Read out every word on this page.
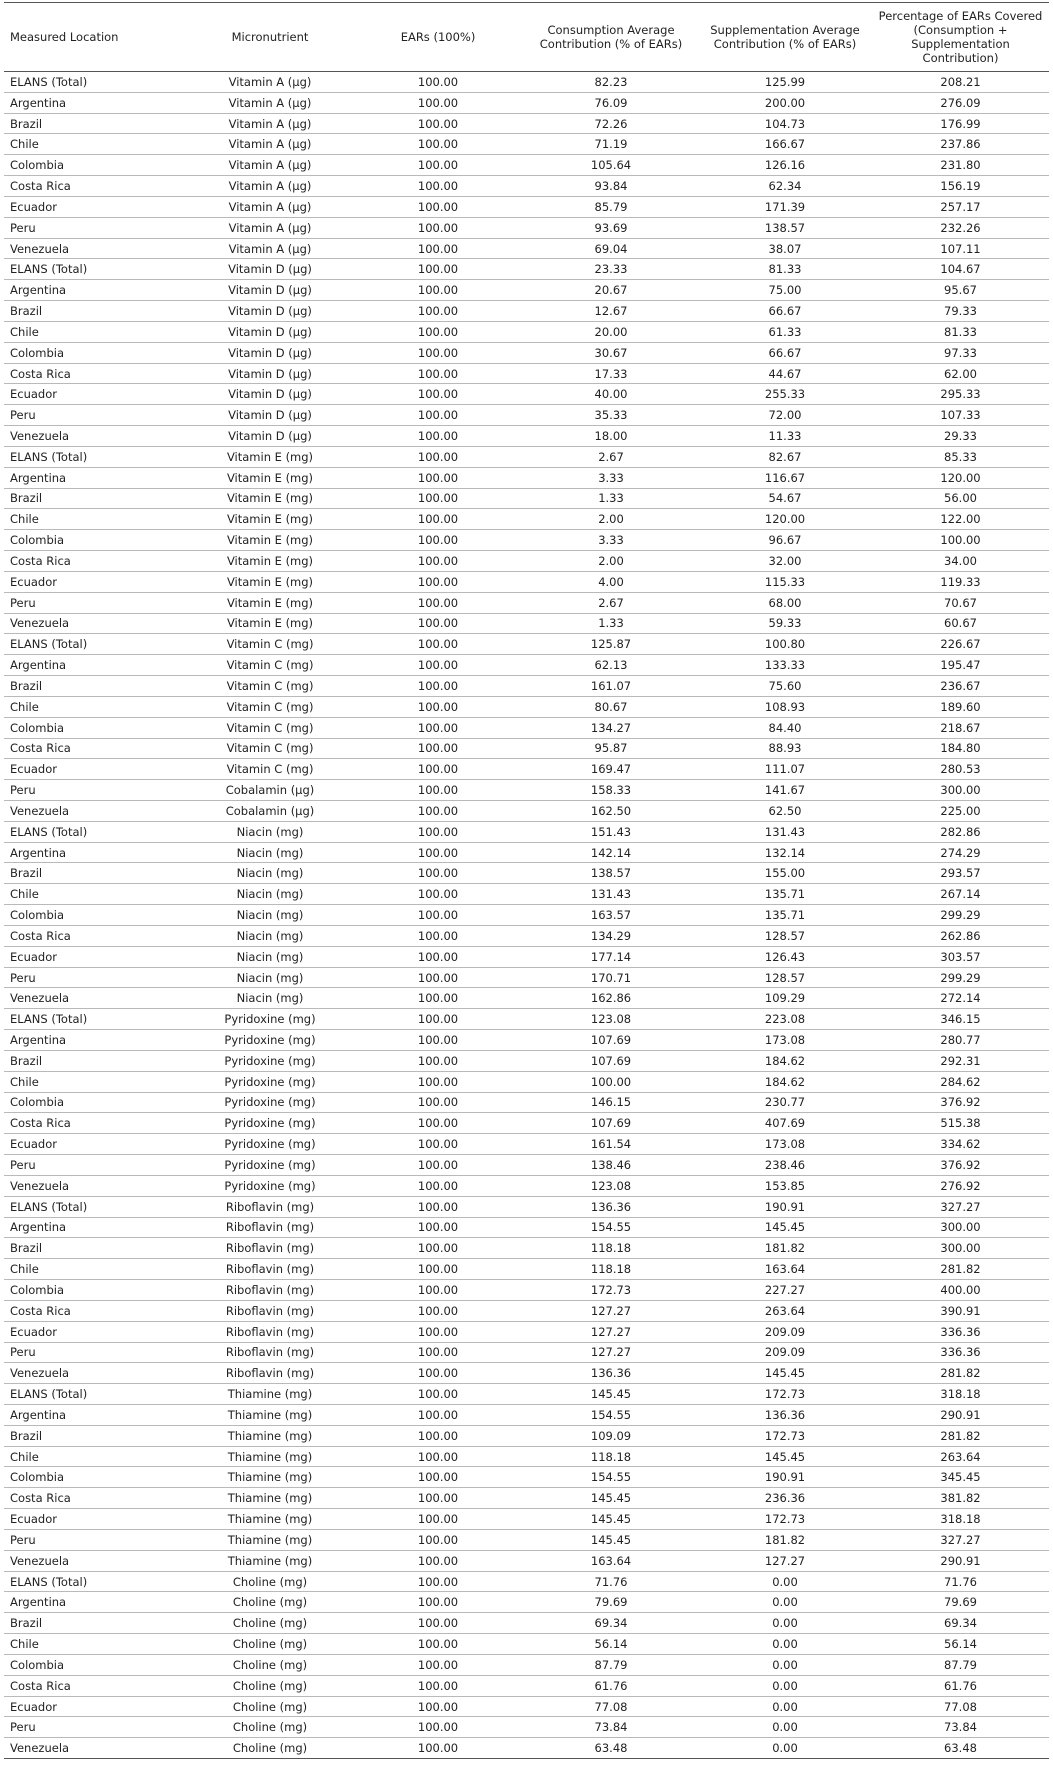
Measured Location	Micronutrient	EARs (100%)	Consumption Average Contribution (% of EARs)	Supplementation Average Contribution (% of EARs)	Percentage of EARs Covered (Consumption + Supplementation Contribution)
ELANS (Total)	Vitamin A (µg)	100.00	82.23	125.99	208.21
Argentina	Vitamin A (µg)	100.00	76.09	200.00	276.09
Brazil	Vitamin A (µg)	100.00	72.26	104.73	176.99
Chile	Vitamin A (µg)	100.00	71.19	166.67	237.86
Colombia	Vitamin A (µg)	100.00	105.64	126.16	231.80
Costa Rica	Vitamin A (µg)	100.00	93.84	62.34	156.19
Ecuador	Vitamin A (µg)	100.00	85.79	171.39	257.17
Peru	Vitamin A (µg)	100.00	93.69	138.57	232.26
Venezuela	Vitamin A (µg)	100.00	69.04	38.07	107.11
ELANS (Total)	Vitamin D (µg)	100.00	23.33	81.33	104.67
Argentina	Vitamin D (µg)	100.00	20.67	75.00	95.67
Brazil	Vitamin D (µg)	100.00	12.67	66.67	79.33
Chile	Vitamin D (µg)	100.00	20.00	61.33	81.33
Colombia	Vitamin D (µg)	100.00	30.67	66.67	97.33
Costa Rica	Vitamin D (µg)	100.00	17.33	44.67	62.00
Ecuador	Vitamin D (µg)	100.00	40.00	255.33	295.33
Peru	Vitamin D (µg)	100.00	35.33	72.00	107.33
Venezuela	Vitamin D (µg)	100.00	18.00	11.33	29.33
ELANS (Total)	Vitamin E (mg)	100.00	2.67	82.67	85.33
Argentina	Vitamin E (mg)	100.00	3.33	116.67	120.00
Brazil	Vitamin E (mg)	100.00	1.33	54.67	56.00
Chile	Vitamin E (mg)	100.00	2.00	120.00	122.00
Colombia	Vitamin E (mg)	100.00	3.33	96.67	100.00
Costa Rica	Vitamin E (mg)	100.00	2.00	32.00	34.00
Ecuador	Vitamin E (mg)	100.00	4.00	115.33	119.33
Peru	Vitamin E (mg)	100.00	2.67	68.00	70.67
Venezuela	Vitamin E (mg)	100.00	1.33	59.33	60.67
ELANS (Total)	Vitamin C (mg)	100.00	125.87	100.80	226.67
Argentina	Vitamin C (mg)	100.00	62.13	133.33	195.47
Brazil	Vitamin C (mg)	100.00	161.07	75.60	236.67
Chile	Vitamin C (mg)	100.00	80.67	108.93	189.60
Colombia	Vitamin C (mg)	100.00	134.27	84.40	218.67
Costa Rica	Vitamin C (mg)	100.00	95.87	88.93	184.80
Ecuador	Vitamin C (mg)	100.00	169.47	111.07	280.53
Peru	Cobalamin (µg)	100.00	158.33	141.67	300.00
Venezuela	Cobalamin (µg)	100.00	162.50	62.50	225.00
ELANS (Total)	Niacin (mg)	100.00	151.43	131.43	282.86
Argentina	Niacin (mg)	100.00	142.14	132.14	274.29
Brazil	Niacin (mg)	100.00	138.57	155.00	293.57
Chile	Niacin (mg)	100.00	131.43	135.71	267.14
Colombia	Niacin (mg)	100.00	163.57	135.71	299.29
Costa Rica	Niacin (mg)	100.00	134.29	128.57	262.86
Ecuador	Niacin (mg)	100.00	177.14	126.43	303.57
Peru	Niacin (mg)	100.00	170.71	128.57	299.29
Venezuela	Niacin (mg)	100.00	162.86	109.29	272.14
ELANS (Total)	Pyridoxine (mg)	100.00	123.08	223.08	346.15
Argentina	Pyridoxine (mg)	100.00	107.69	173.08	280.77
Brazil	Pyridoxine (mg)	100.00	107.69	184.62	292.31
Chile	Pyridoxine (mg)	100.00	100.00	184.62	284.62
Colombia	Pyridoxine (mg)	100.00	146.15	230.77	376.92
Costa Rica	Pyridoxine (mg)	100.00	107.69	407.69	515.38
Ecuador	Pyridoxine (mg)	100.00	161.54	173.08	334.62
Peru	Pyridoxine (mg)	100.00	138.46	238.46	376.92
Venezuela	Pyridoxine (mg)	100.00	123.08	153.85	276.92
ELANS (Total)	Riboflavin (mg)	100.00	136.36	190.91	327.27
Argentina	Riboflavin (mg)	100.00	154.55	145.45	300.00
Brazil	Riboflavin (mg)	100.00	118.18	181.82	300.00
Chile	Riboflavin (mg)	100.00	118.18	163.64	281.82
Colombia	Riboflavin (mg)	100.00	172.73	227.27	400.00
Costa Rica	Riboflavin (mg)	100.00	127.27	263.64	390.91
Ecuador	Riboflavin (mg)	100.00	127.27	209.09	336.36
Peru	Riboflavin (mg)	100.00	127.27	209.09	336.36
Venezuela	Riboflavin (mg)	100.00	136.36	145.45	281.82
ELANS (Total)	Thiamine (mg)	100.00	145.45	172.73	318.18
Argentina	Thiamine (mg)	100.00	154.55	136.36	290.91
Brazil	Thiamine (mg)	100.00	109.09	172.73	281.82
Chile	Thiamine (mg)	100.00	118.18	145.45	263.64
Colombia	Thiamine (mg)	100.00	154.55	190.91	345.45
Costa Rica	Thiamine (mg)	100.00	145.45	236.36	381.82
Ecuador	Thiamine (mg)	100.00	145.45	172.73	318.18
Peru	Thiamine (mg)	100.00	145.45	181.82	327.27
Venezuela	Thiamine (mg)	100.00	163.64	127.27	290.91
ELANS (Total)	Choline (mg)	100.00	71.76	0.00	71.76
Argentina	Choline (mg)	100.00	79.69	0.00	79.69
Brazil	Choline (mg)	100.00	69.34	0.00	69.34
Chile	Choline (mg)	100.00	56.14	0.00	56.14
Colombia	Choline (mg)	100.00	87.79	0.00	87.79
Costa Rica	Choline (mg)	100.00	61.76	0.00	61.76
Ecuador	Choline (mg)	100.00	77.08	0.00	77.08
Peru	Choline (mg)	100.00	73.84	0.00	73.84
Venezuela	Choline (mg)	100.00	63.48	0.00	63.48
